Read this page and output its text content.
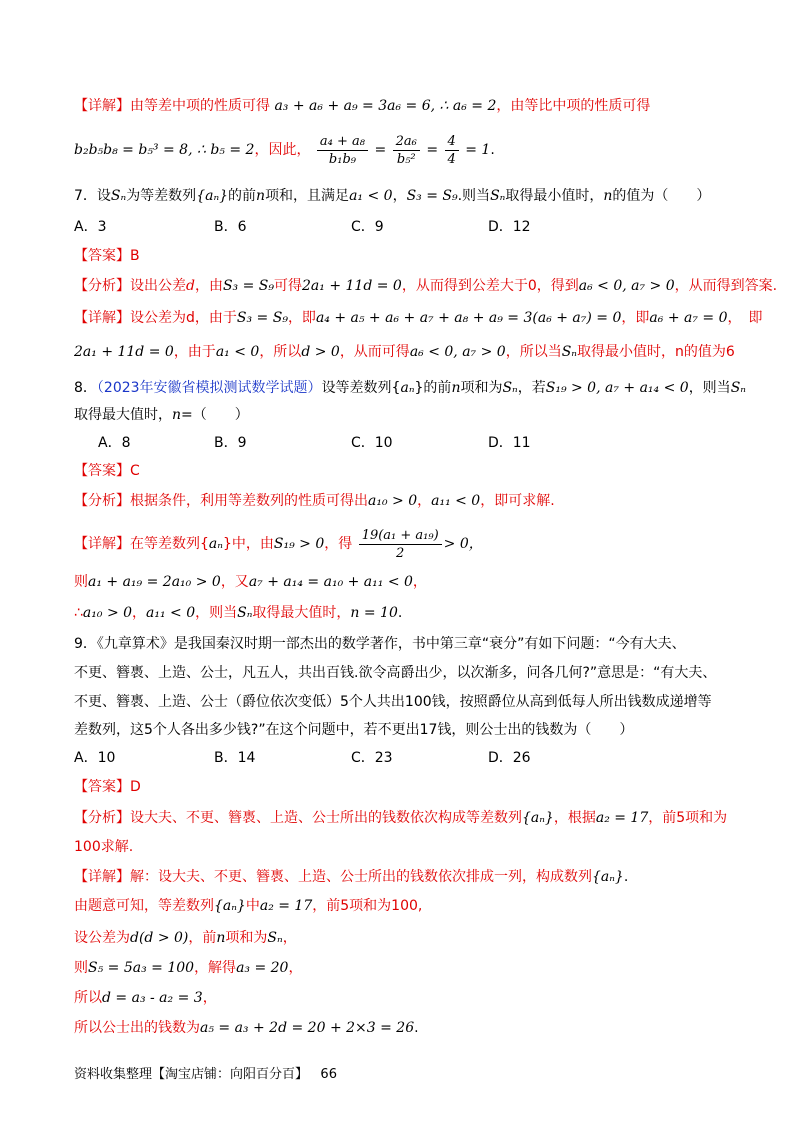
【详解】由等差中项的性质可得 a₃ + a₆ + a₉ = 3a₆ = 6, ∴ a₆ = 2，由等比中项的性质可得
b₂b₅b₈ = b₅³ = 8, ∴ b₅ = 2，因此， $\frac{\text{a₄ + a₈}}{\text{b₁b₉}} = \frac{\text{2a₆}}{\text{b₅²}} = \frac{4}{4} = 1$.
7．设Sₙ为等差数列{aₙ}的前n项和，且满足a₁ < 0，S₃ = S₉.则当Sₙ取得最小值时，n的值为（　　）
A．3	B．6	C．9	D．12
【答案】B
【分析】设出公差d，由S₃ = S₉可得2a₁ + 11d = 0，从而得到公差大于0，得到a₆ < 0, a₇ > 0，从而得到答案.
【详解】设公差为d，由于S₃ = S₉，即a₄ + a₅ + a₆ + a₇ + a₈ + a₉ = 3(a₆ + a₇) = 0，即a₆ + a₇ = 0，　即
2a₁ + 11d = 0，由于a₁ < 0，所以d > 0，从而可得a₆ < 0, a₇ > 0，所以当Sₙ取得最小值时，n的值为6
8．（2023年安徽省模拟测试数学试题）设等差数列{aₙ}的前n项和为Sₙ，若S₁₉ > 0, a₇ + a₁₄ < 0，则当Sₙ
取得最大值时，n=（　　）
A．8	B．9	C．10	D．11
【答案】C
【分析】根据条件，利用等差数列的性质可得出a₁₀ > 0，a₁₁ < 0，即可求解.
【详解】在等差数列{aₙ}中，由S₁₉ > 0，得 $\frac{\text{19(a₁ + a₁₉)}}{2} > 0$，
则a₁ + a₁₉ = 2a₁₀ > 0，又a₇ + a₁₄ = a₁₀ + a₁₁ < 0，
∴a₁₀ > 0，a₁₁ < 0，则当Sₙ取得最大值时，n = 10.
9．《九章算术》是我国秦汉时期一部杰出的数学著作，书中第三章“衰分”有如下问题：“今有大夫、
不更、簪褭、上造、公士，凡五人，共出百钱.欲令高爵出少，以次渐多，问各几何?”意思是：“有大夫、
不更、簪褭、上造、公士（爵位依次变低）5个人共出100钱，按照爵位从高到低每人所出钱数成递增等
差数列，这5个人各出多少钱?”在这个问题中，若不更出17钱，则公士出的钱数为（　　）
A．10	B．14	C．23	D．26
【答案】D
【分析】设大夫、不更、簪褭、上造、公士所出的钱数依次构成等差数列{aₙ}，根据a₂ = 17，前5项和为
100求解.
【详解】解：设大夫、不更、簪褭、上造、公士所出的钱数依次排成一列，构成数列{aₙ}.
由题意可知，等差数列{aₙ}中a₂ = 17，前5项和为100,
设公差为d(d > 0)，前n项和为Sₙ，
则S₅ = 5a₃ = 100，解得a₃ = 20，
所以d = a₃ - a₂ = 3，
所以公士出的钱数为a₅ = a₃ + 2d = 20 + 2×3 = 26.
资料收集整理【淘宝店铺：向阳百分百】 66
